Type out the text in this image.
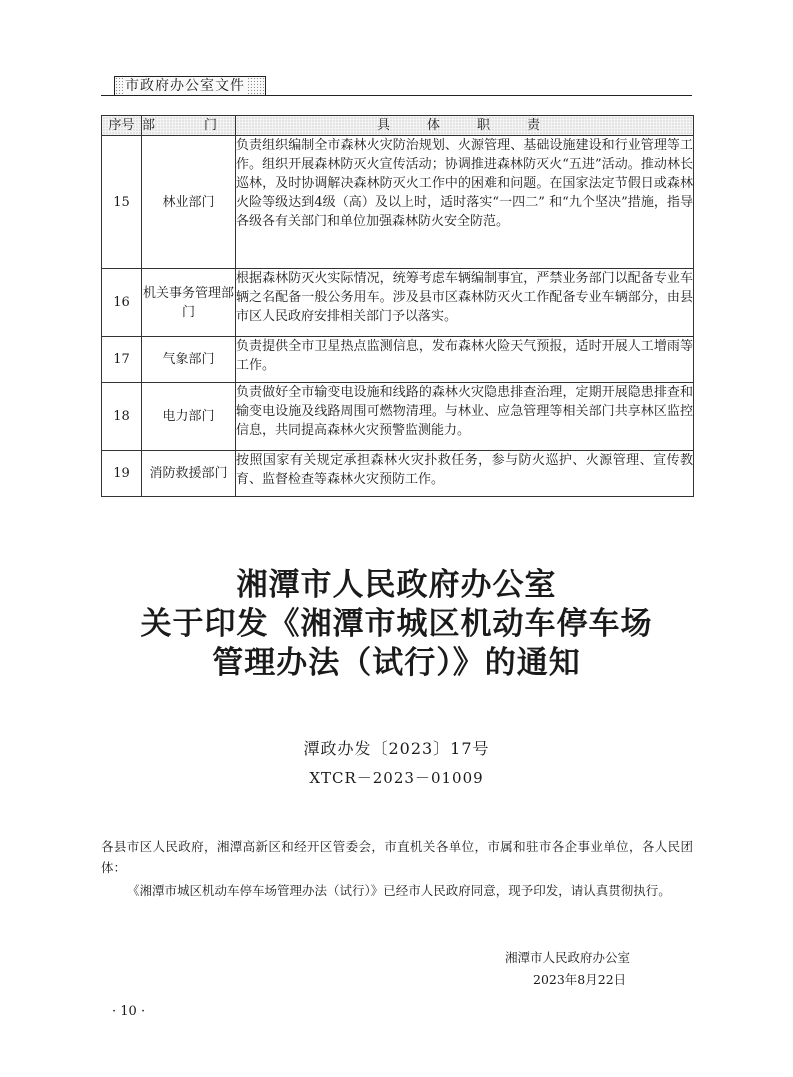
市政府办公室文件
序号	部　门	具　体　职　责
15	林业部门	负责组织编制全市森林火灾防治规划、火源管理、基础设施建设和行业管理等工作。组织开展森林防灭火宣传活动；协调推进森林防灭火“五进”活动。推动林长巡林，及时协调解决森林防灭火工作中的困难和问题。在国家法定节假日或森林火险等级达到4级（高）及以上时，适时落实“一四二” 和“九个坚决”措施，指导各级各有关部门和单位加强森林防火安全防范。
16	机关事务管理部门	根据森林防灭火实际情况，统筹考虑车辆编制事宜，严禁业务部门以配备专业车辆之名配备一般公务用车。涉及县市区森林防灭火工作配备专业车辆部分，由县市区人民政府安排相关部门予以落实。
17	气象部门	负责提供全市卫星热点监测信息，发布森林火险天气预报，适时开展人工增雨等工作。
18	电力部门	负责做好全市输变电设施和线路的森林火灾隐患排查治理，定期开展隐患排查和输变电设施及线路周围可燃物清理。与林业、应急管理等相关部门共享林区监控信息，共同提高森林火灾预警监测能力。
19	消防救援部门	按照国家有关规定承担森林火灾扑救任务，参与防火巡护、火源管理、宣传教育、监督检查等森林火灾预防工作。
湘潭市人民政府办公室
关于印发《湘潭市城区机动车停车场
管理办法（试行）》的通知
潭政办发〔2023〕17号
XTCR－2023－01009
各县市区人民政府，湘潭高新区和经开区管委会，市直机关各单位，市属和驻市各企事业单位，各人民团体：
《湘潭市城区机动车停车场管理办法（试行）》已经市人民政府同意，现予印发，请认真贯彻执行。
湘潭市人民政府办公室
2023年8月22日
· 10 ·
